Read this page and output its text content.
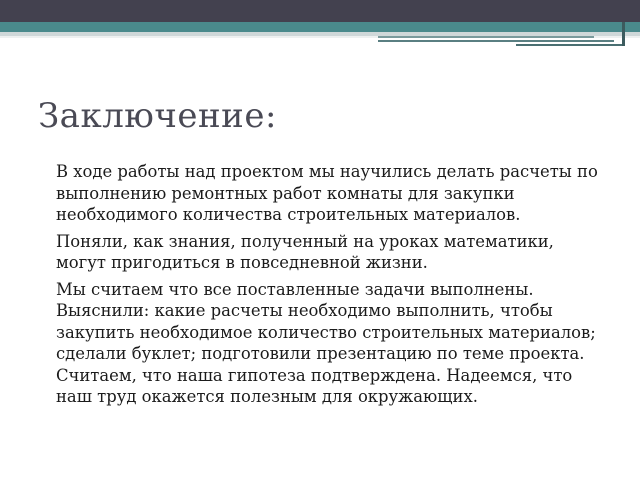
Заключение:

В ходе работы над проектом мы научились делать расчеты по выполнению ремонтных работ комнаты для закупки необходимого количества строительных материалов.

Поняли, как знания, полученный на уроках математики, могут пригодиться в повседневной жизни.

Мы считаем что все поставленные задачи выполнены. Выяснили: какие расчеты необходимо выполнить, чтобы закупить необходимое количество строительных материалов; сделали буклет; подготовили презентацию по теме проекта. Считаем, что наша гипотеза подтверждена. Надеемся, что наш труд окажется полезным для окружающих.
